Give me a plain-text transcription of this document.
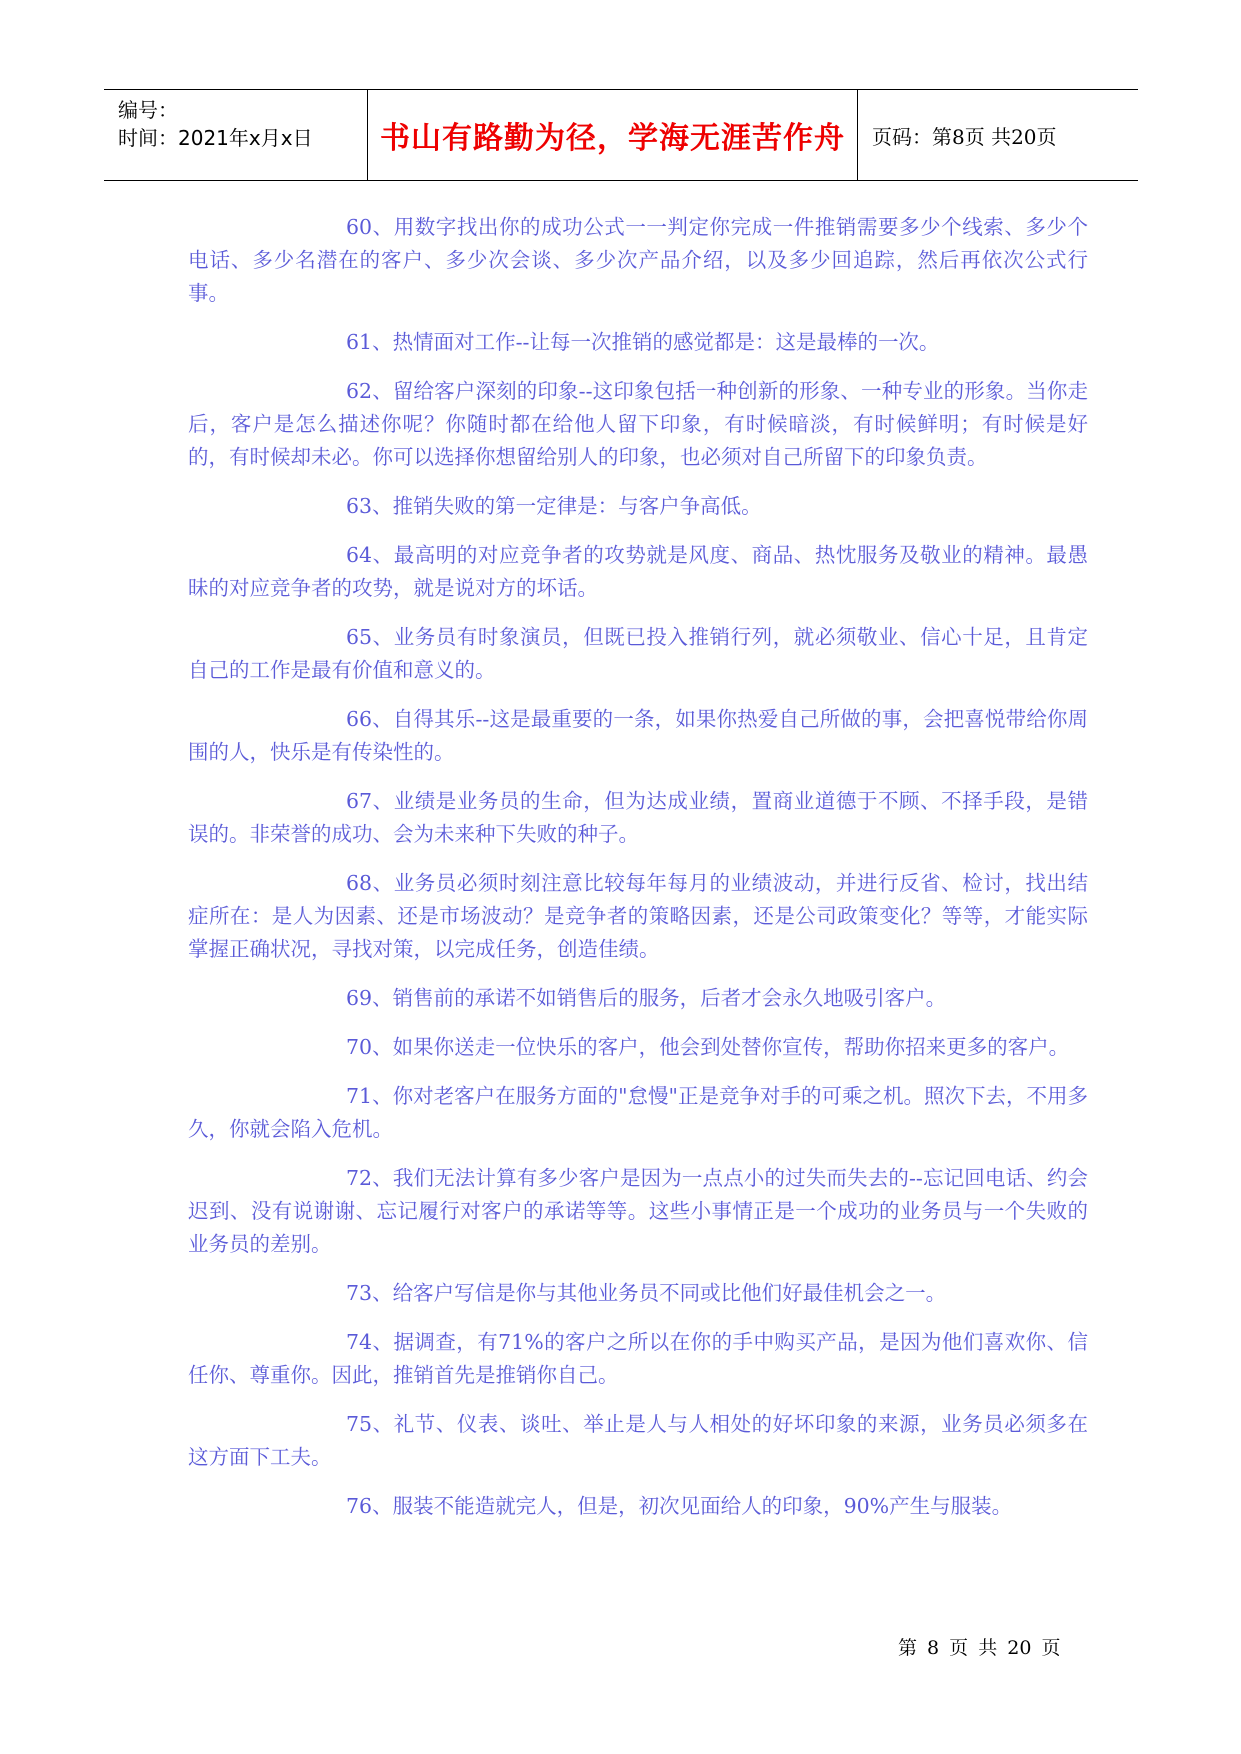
编号：
时间：2021年x月x日 书山有路勤为径，学海无涯苦作舟 页码：第8页 共20页

60、用数字找出你的成功公式一一判定你完成一件推销需要多少个线索、多少个电话、多少名潜在的客户、多少次会谈、多少次产品介绍，以及多少回追踪，然后再依次公式行事。

61、热情面对工作--让每一次推销的感觉都是：这是最棒的一次。

62、留给客户深刻的印象--这印象包括一种创新的形象、一种专业的形象。当你走后，客户是怎么描述你呢？你随时都在给他人留下印象，有时候暗淡，有时候鲜明；有时候是好的，有时候却未必。你可以选择你想留给别人的印象，也必须对自己所留下的印象负责。

63、推销失败的第一定律是：与客户争高低。

64、最高明的对应竞争者的攻势就是风度、商品、热忱服务及敬业的精神。最愚昧的对应竞争者的攻势，就是说对方的坏话。

65、业务员有时象演员，但既已投入推销行列，就必须敬业、信心十足，且肯定自己的工作是最有价值和意义的。

66、自得其乐--这是最重要的一条，如果你热爱自己所做的事，会把喜悦带给你周围的人，快乐是有传染性的。

67、业绩是业务员的生命，但为达成业绩，置商业道德于不顾、不择手段，是错误的。非荣誉的成功、会为未来种下失败的种子。

68、业务员必须时刻注意比较每年每月的业绩波动，并进行反省、检讨，找出结症所在：是人为因素、还是市场波动？是竞争者的策略因素，还是公司政策变化？等等，才能实际掌握正确状况，寻找对策，以完成任务，创造佳绩。

69、销售前的承诺不如销售后的服务，后者才会永久地吸引客户。

70、如果你送走一位快乐的客户，他会到处替你宣传，帮助你招来更多的客户。

71、你对老客户在服务方面的"怠慢"正是竞争对手的可乘之机。照次下去，不用多久，你就会陷入危机。

72、我们无法计算有多少客户是因为一点点小的过失而失去的--忘记回电话、约会迟到、没有说谢谢、忘记履行对客户的承诺等等。这些小事情正是一个成功的业务员与一个失败的业务员的差别。

73、给客户写信是你与其他业务员不同或比他们好最佳机会之一。

74、据调查，有71%的客户之所以在你的手中购买产品，是因为他们喜欢你、信任你、尊重你。因此，推销首先是推销你自己。

75、礼节、仪表、谈吐、举止是人与人相处的好坏印象的来源，业务员必须多在这方面下工夫。

76、服装不能造就完人，但是，初次见面给人的印象，90%产生与服装。

第 8 页 共 20 页
